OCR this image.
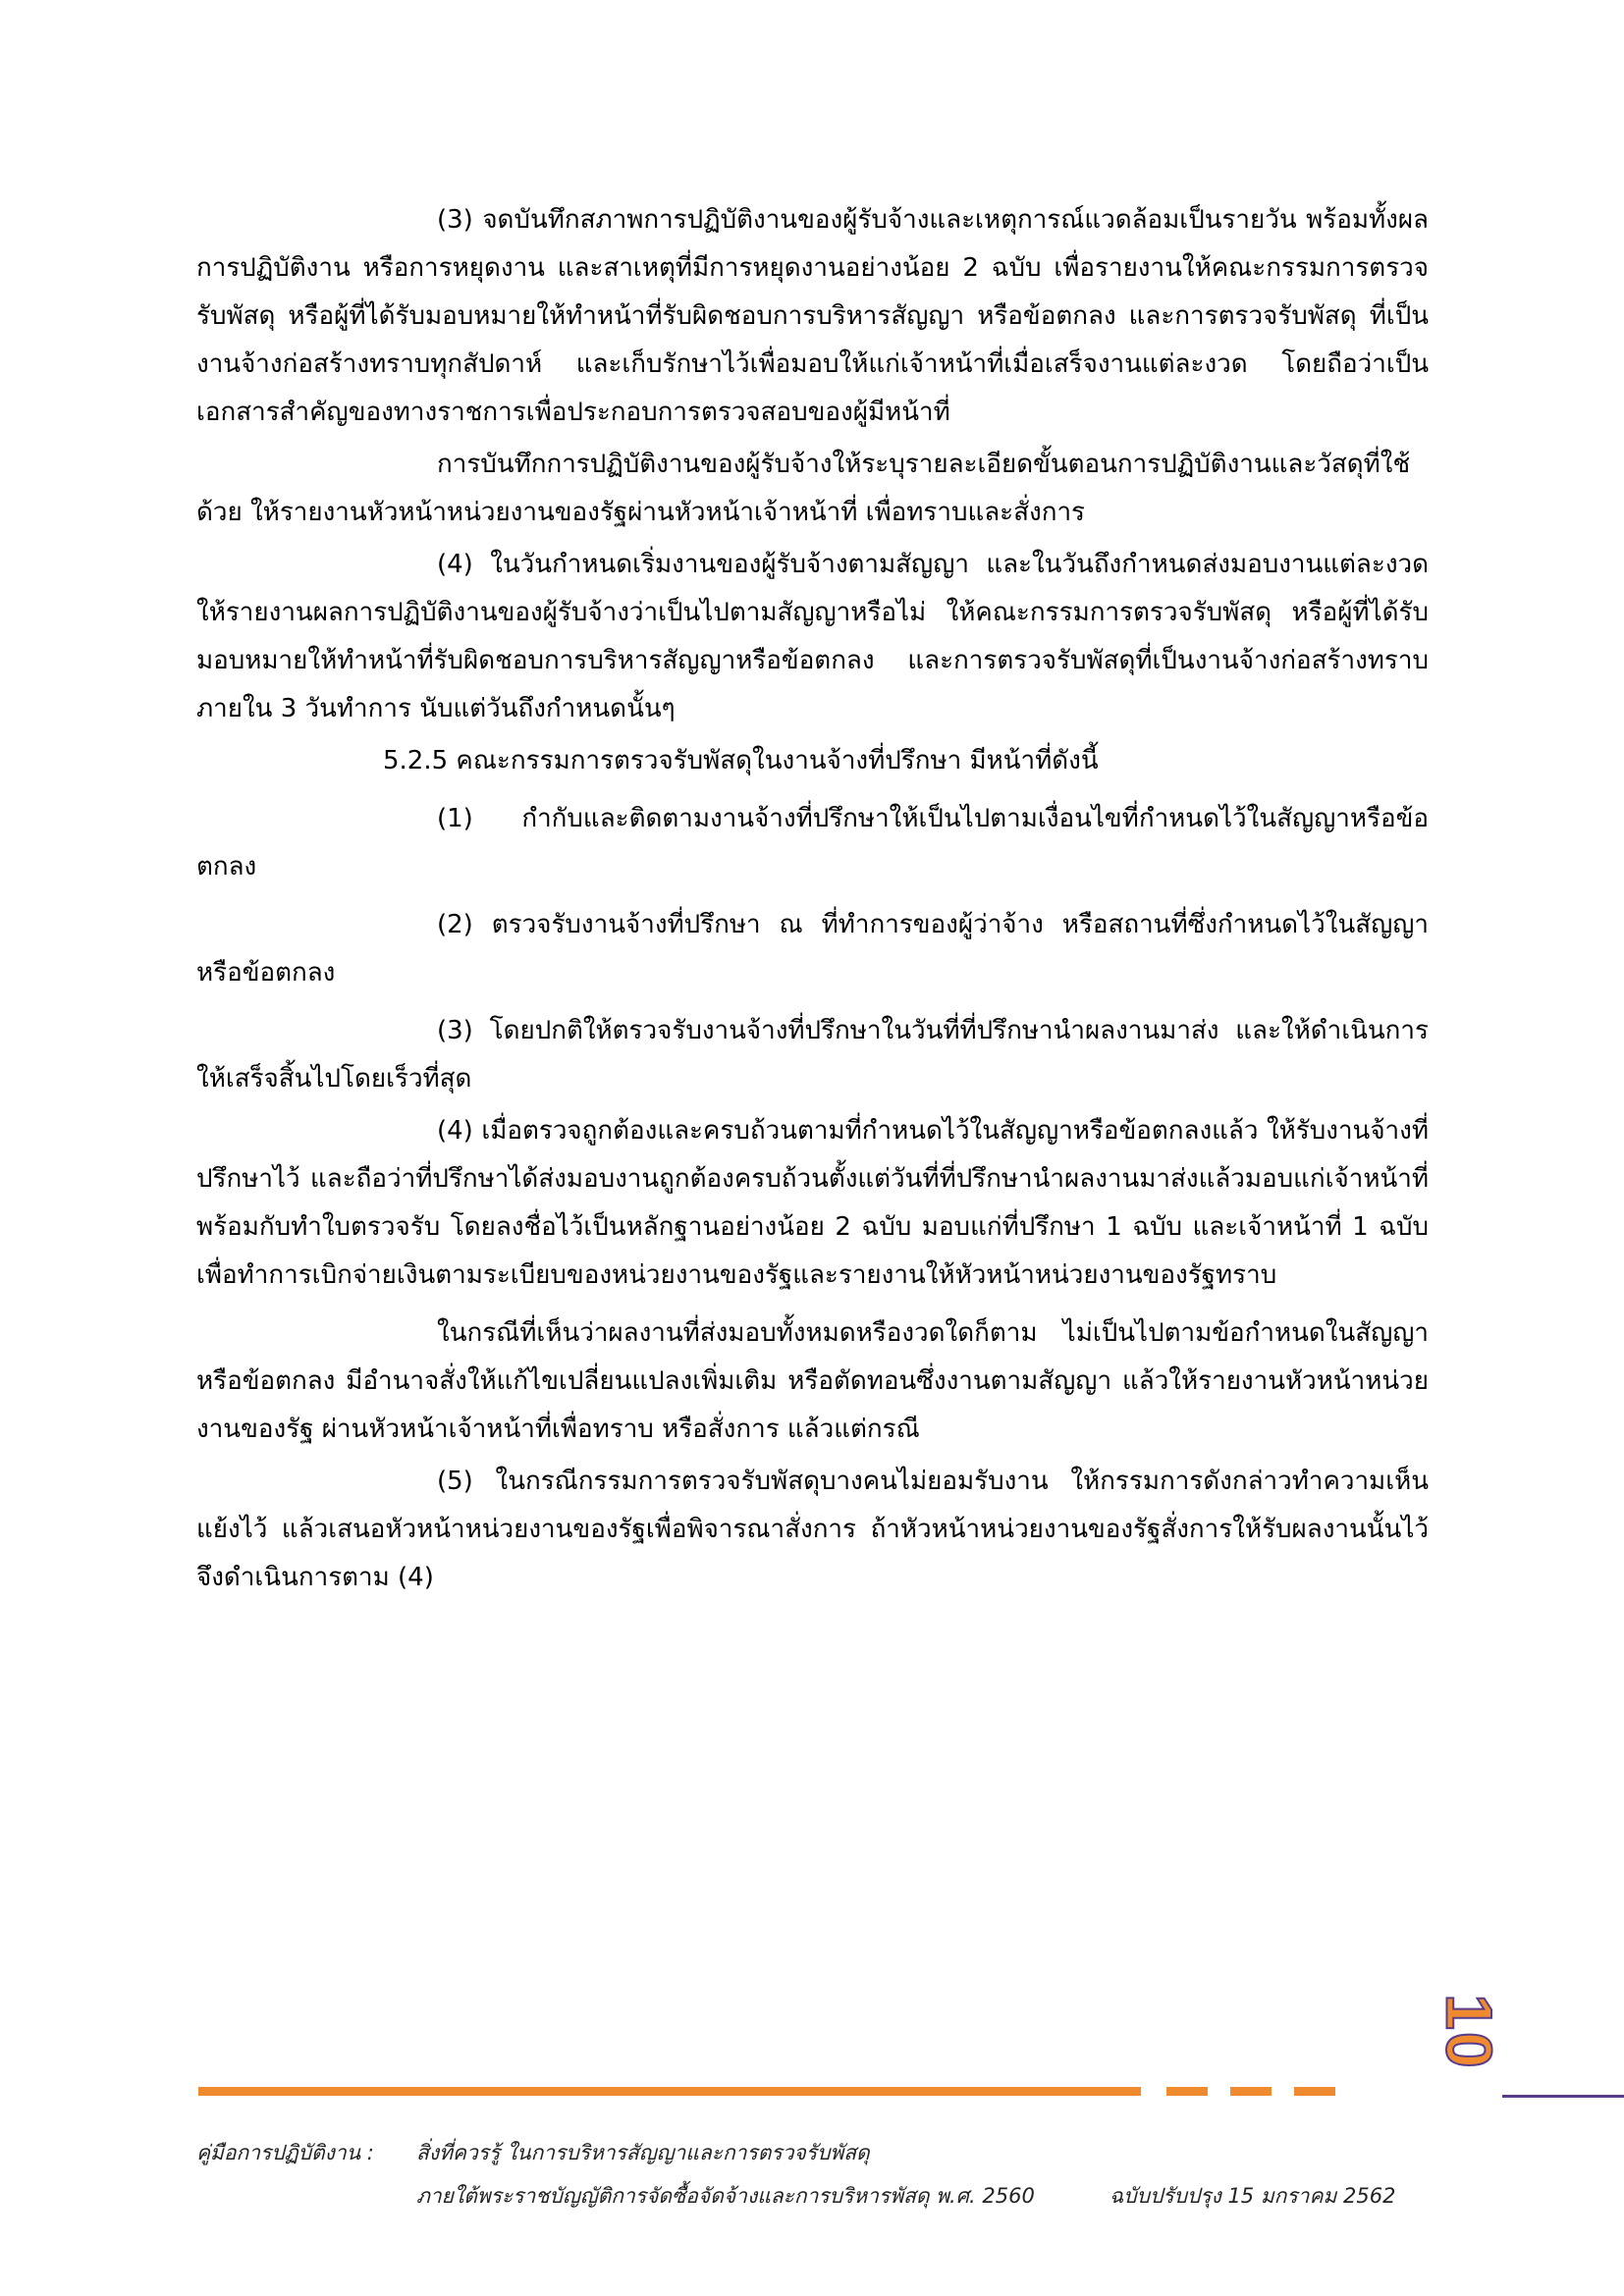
(3) จดบันทึกสภาพการปฏิบัติงานของผู้รับจ้างและเหตุการณ์แวดล้อมเป็นรายวัน พร้อมทั้งผลการปฏิบัติงาน หรือการหยุดงาน และสาเหตุที่มีการหยุดงานอย่างน้อย 2 ฉบับ เพื่อรายงานให้คณะกรรมการตรวจรับพัสดุ หรือผู้ที่ได้รับมอบหมายให้ทำหน้าที่รับผิดชอบการบริหารสัญญา หรือข้อตกลง และการตรวจรับพัสดุ ที่เป็นงานจ้างก่อสร้างทราบทุกสัปดาห์ และเก็บรักษาไว้เพื่อมอบให้แก่เจ้าหน้าที่เมื่อเสร็จงานแต่ละงวด โดยถือว่าเป็นเอกสารสำคัญของทางราชการเพื่อประกอบการตรวจสอบของผู้มีหน้าที่

การบันทึกการปฏิบัติงานของผู้รับจ้างให้ระบุรายละเอียดขั้นตอนการปฏิบัติงานและวัสดุที่ใช้ด้วย ให้รายงานหัวหน้าหน่วยงานของรัฐผ่านหัวหน้าเจ้าหน้าที่ เพื่อทราบและสั่งการ

(4) ในวันกำหนดเริ่มงานของผู้รับจ้างตามสัญญา และในวันถึงกำหนดส่งมอบงานแต่ละงวดให้รายงานผลการปฏิบัติงานของผู้รับจ้างว่าเป็นไปตามสัญญาหรือไม่ ให้คณะกรรมการตรวจรับพัสดุ หรือผู้ที่ได้รับมอบหมายให้ทำหน้าที่รับผิดชอบการบริหารสัญญาหรือข้อตกลง และการตรวจรับพัสดุที่เป็นงานจ้างก่อสร้างทราบภายใน 3 วันทำการ นับแต่วันถึงกำหนดนั้นๆ

5.2.5 คณะกรรมการตรวจรับพัสดุในงานจ้างที่ปรึกษา มีหน้าที่ดังนี้

(1) กำกับและติดตามงานจ้างที่ปรึกษาให้เป็นไปตามเงื่อนไขที่กำหนดไว้ในสัญญาหรือข้อตกลง

(2) ตรวจรับงานจ้างที่ปรึกษา ณ ที่ทำการของผู้ว่าจ้าง หรือสถานที่ซึ่งกำหนดไว้ในสัญญา หรือข้อตกลง

(3) โดยปกติให้ตรวจรับงานจ้างที่ปรึกษาในวันที่ที่ปรึกษานำผลงานมาส่ง และให้ดำเนินการ ให้เสร็จสิ้นไปโดยเร็วที่สุด

(4) เมื่อตรวจถูกต้องและครบถ้วนตามที่กำหนดไว้ในสัญญาหรือข้อตกลงแล้ว ให้รับงานจ้างที่ปรึกษาไว้ และถือว่าที่ปรึกษาได้ส่งมอบงานถูกต้องครบถ้วนตั้งแต่วันที่ที่ปรึกษานำผลงานมาส่งแล้วมอบแก่เจ้าหน้าที่พร้อมกับทำใบตรวจรับ โดยลงชื่อไว้เป็นหลักฐานอย่างน้อย 2 ฉบับ มอบแก่ที่ปรึกษา 1 ฉบับ และเจ้าหน้าที่ 1 ฉบับ เพื่อทำการเบิกจ่ายเงินตามระเบียบของหน่วยงานของรัฐและรายงานให้หัวหน้าหน่วยงานของรัฐทราบ

ในกรณีที่เห็นว่าผลงานที่ส่งมอบทั้งหมดหรืองวดใดก็ตาม ไม่เป็นไปตามข้อกำหนดในสัญญาหรือข้อตกลง มีอำนาจสั่งให้แก้ไขเปลี่ยนแปลงเพิ่มเติม หรือตัดทอนซึ่งงานตามสัญญา แล้วให้รายงานหัวหน้าหน่วยงานของรัฐ ผ่านหัวหน้าเจ้าหน้าที่เพื่อทราบ หรือสั่งการ แล้วแต่กรณี

(5) ในกรณีกรรมการตรวจรับพัสดุบางคนไม่ยอมรับงาน ให้กรรมการดังกล่าวทำความเห็นแย้งไว้ แล้วเสนอหัวหน้าหน่วยงานของรัฐเพื่อพิจารณาสั่งการ ถ้าหัวหน้าหน่วยงานของรัฐสั่งการให้รับผลงานนั้นไว้ จึงดำเนินการตาม (4)

10
คู่มือการปฏิบัติงาน : สิ่งที่ควรรู้ ในการบริหารสัญญาและการตรวจรับพัสดุ
ภายใต้พระราชบัญญัติการจัดซื้อจัดจ้างและการบริหารพัสดุ พ.ศ. 2560	ฉบับปรับปรุง 15 มกราคม 2562
